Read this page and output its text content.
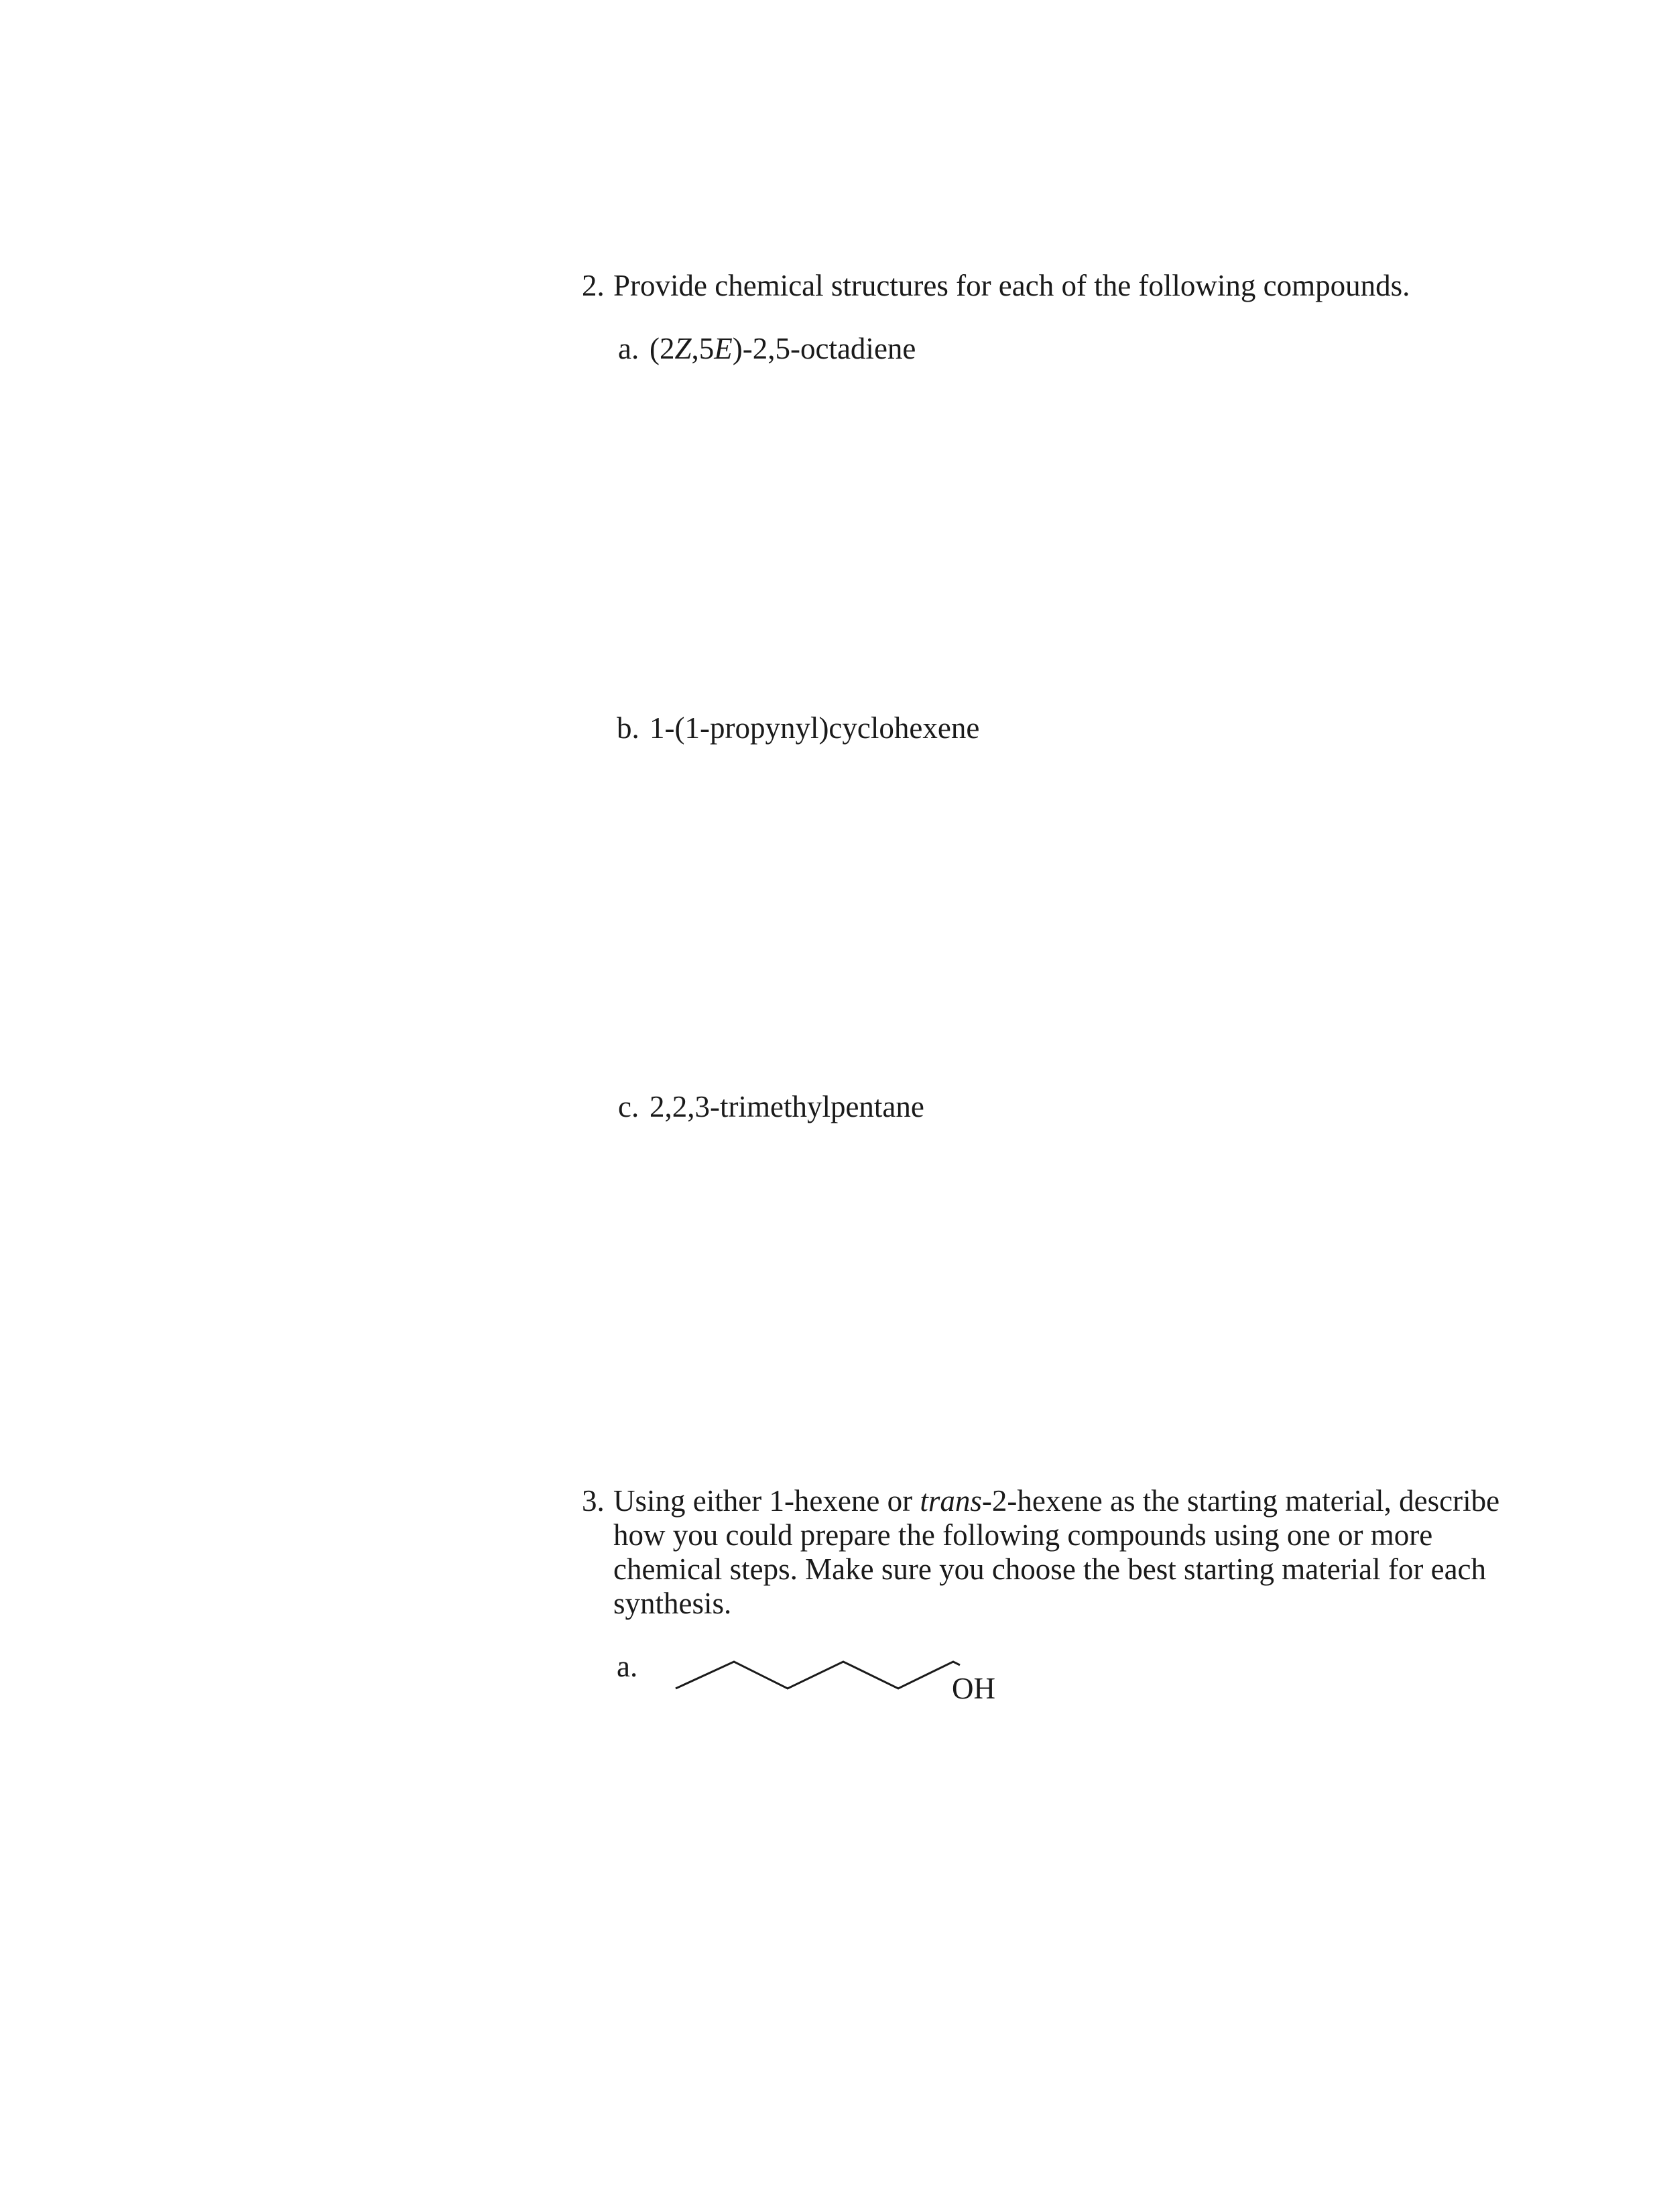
2. Provide chemical structures for each of the following compounds.
a. (2Z,5E)-2,5-octadiene
b. 1-(1-propynyl)cyclohexene
c. 2,2,3-trimethylpentane
3. Using either 1-hexene or trans-2-hexene as the starting material, describe
how you could prepare the following compounds using one or more
chemical steps. Make sure you choose the best starting material for each
synthesis.
a.
OH
